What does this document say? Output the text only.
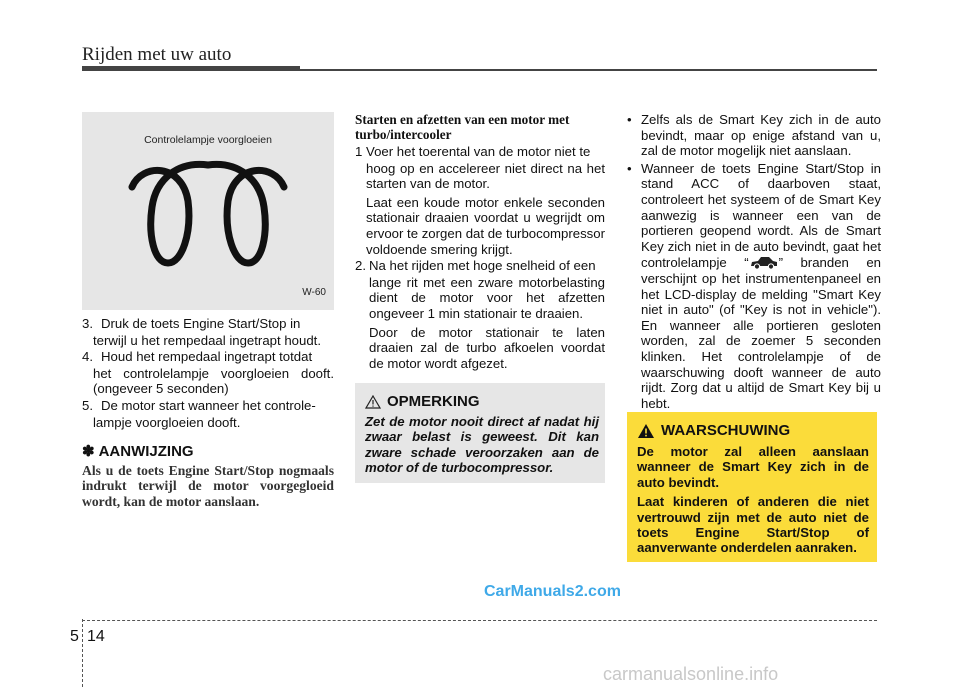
Rijden met uw auto
Controlelampje voorgloeien
W-60
3. Druk de toets Engine Start/Stop in
terwijl u het rempedaal ingetrapt houdt.
4. Houd het rempedaal ingetrapt totdat
het controlelampje voorgloeien dooft. (ongeveer 5 seconden)
5. De motor start wanneer het controle-
lampje voorgloeien dooft.
✽ AANWIJZING
Als u de toets Engine Start/Stop nogmaals indrukt terwijl de motor voorgegloeid wordt, kan de motor aanslaan.
Starten en afzetten van een motor met turbo/intercooler
1 Voer het toerental van de motor niet te
hoog op en accelereer niet direct na het starten van de motor.
Laat een koude motor enkele seconden stationair draaien voordat u wegrijdt om ervoor te zorgen dat de turbocompressor voldoende smering krijgt.
2. Na het rijden met hoge snelheid of een
lange rit met een zware motorbelasting dient de motor voor het afzetten ongeveer 1 min stationair te draaien.
Door de motor stationair te laten draaien zal de turbo afkoelen voordat de motor wordt afgezet.
OPMERKING
Zet de motor nooit direct af nadat hij zwaar belast is geweest. Dit kan zware schade veroorzaken aan de motor of de turbocompressor.
• Zelfs als de Smart Key zich in de auto bevindt, maar op enige afstand van u, zal de motor mogelijk niet aanslaan.
• Wanneer de toets Engine Start/Stop in stand ACC of daarboven staat, controleert het systeem of de Smart Key aanwezig is wanneer een van de portieren geopend wordt. Als de Smart Key zich niet in de auto bevindt, gaat het controlelampje “ ” branden en verschijnt op het instrumentenpaneel en het LCD-display de melding "Smart Key niet in auto" (of "Key is not in vehicle"). En wanneer alle portieren gesloten worden, zal de zoemer 5 seconden klinken. Het controlelampje of de waarschuwing dooft wanneer de auto rijdt. Zorg dat u altijd de Smart Key bij u hebt.
WAARSCHUWING

De motor zal alleen aanslaan wanneer de Smart Key zich in de auto bevindt.

Laat kinderen of anderen die niet vertrouwd zijn met de auto niet de toets Engine Start/Stop of aanverwante onderdelen aanraken.

CarManuals2.com
carmanualsonline.info
5 14
